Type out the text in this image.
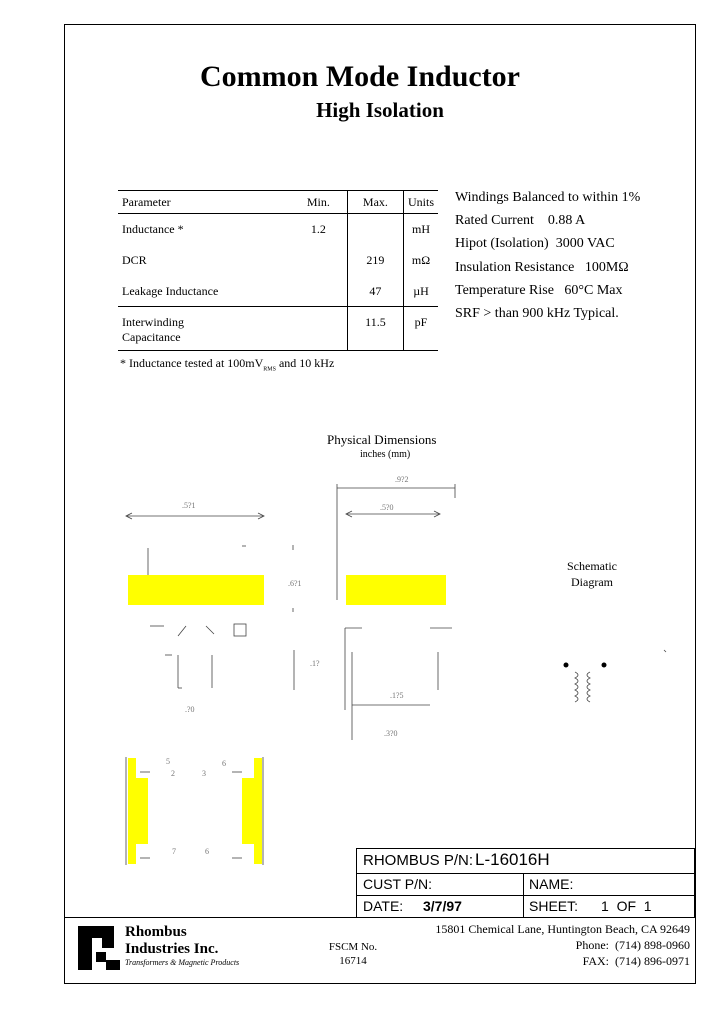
Common Mode Inductor
High Isolation
Parameter	Min.	Max.	Units
Inductance *	1.2		mH
DCR		219	mΩ
Leakage Inductance		47	µH
Interwinding
Capacitance		11.5	pF
* Inductance tested at $100mV_{RMS}$ and 10 kHz
Windings Balanced to within 1%
Rated Current    0.88 A
Hipot (Isolation)  3000 VAC
Insulation Resistance   100MΩ
Temperature Rise   60°C Max
SRF > than 900 kHz Typical.
Physical Dimensions
inches (mm)
.5?1
.9?2
.5?0
.6?1
.1?
.1?5
.3?0
.?0
5
2	3
6
7	6
Schematic
Diagram
RHOMBUS P/N: L-16016H
CUST P/N:	NAME:
DATE: 3/7/97	SHEET: 1  OF  1
Rhombus
Industries Inc.
Transformers & Magnetic Products
FSCM No.
16714
15801 Chemical Lane, Huntington Beach, CA 92649
Phone:  (714) 898-0960
FAX:  (714) 896-0971
